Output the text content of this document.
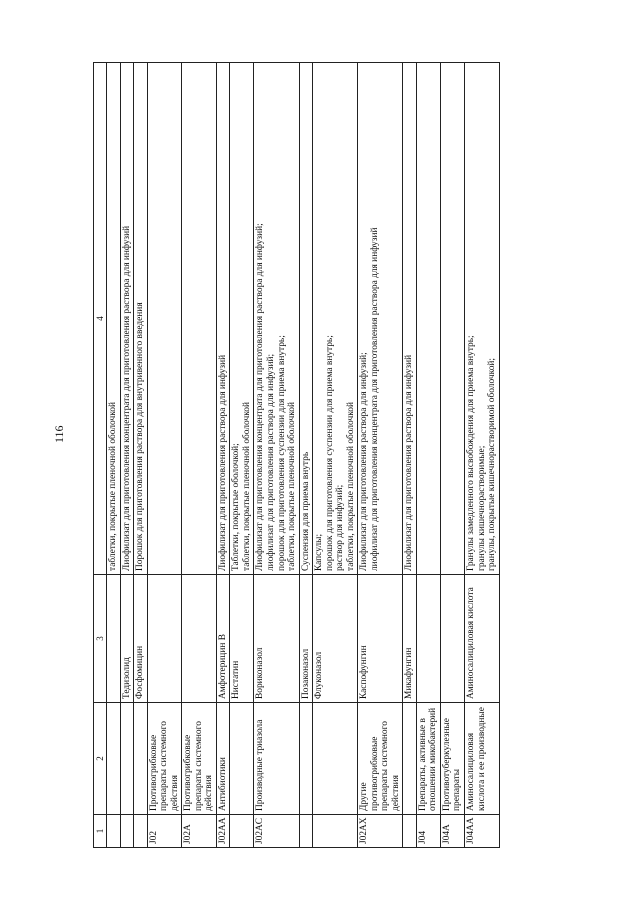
116
1	2	3	4

			таблетки, покрытые пленочной оболочкой

		Тедизолид	Лиофилизат для приготовления концентрата для приготовления раствора для инфузий

		Фосфомицин	Порошок для приготовления раствора для внутривенного введения

J02	Противогрибковые препараты системного действия		

J02A	Противогрибковые препараты системного действия		

J02AA	Антибиотики	Амфотерицин В	Лиофилизат для приготовления раствора для инфузий

		Нистатин	Таблетки, покрытые оболочкой; таблетки, покрытые пленочной оболочкой

J02AC	Производные триазола	Вориконазол	Лиофилизат для приготовления концентрата для приготовления раствора для инфузий; лиофилизат для приготовления раствора для инфузий; порошок для приготовления суспензии для приема внутрь; таблетки, покрытые пленочной оболочкой

		Позаконазол	Суспензия для приема внутрь

		Флуконазол	Капсулы; порошок для приготовления суспензии для приема внутрь; раствор для инфузий; таблетки, покрытые пленочной оболочкой

J02AX	Другие противогрибковые препараты системного действия	Каспофунгин	Лиофилизат для приготовления раствора для инфузий; лиофилизат для приготовления концентрата для приготовления раствора для инфузий

		Микафунгин	Лиофилизат для приготовления раствора для инфузий

J04	Препараты, активные в отношении микобактерий		

J04A	Противотуберкулезные препараты		

J04AA	Аминосалициловая кислота и ее производные	Аминосалициловая кислота	Гранулы замедленного высвобождения для приема внутрь; гранулы кишечнорастворимые; гранулы, покрытые кишечнорастворимой оболочкой;
